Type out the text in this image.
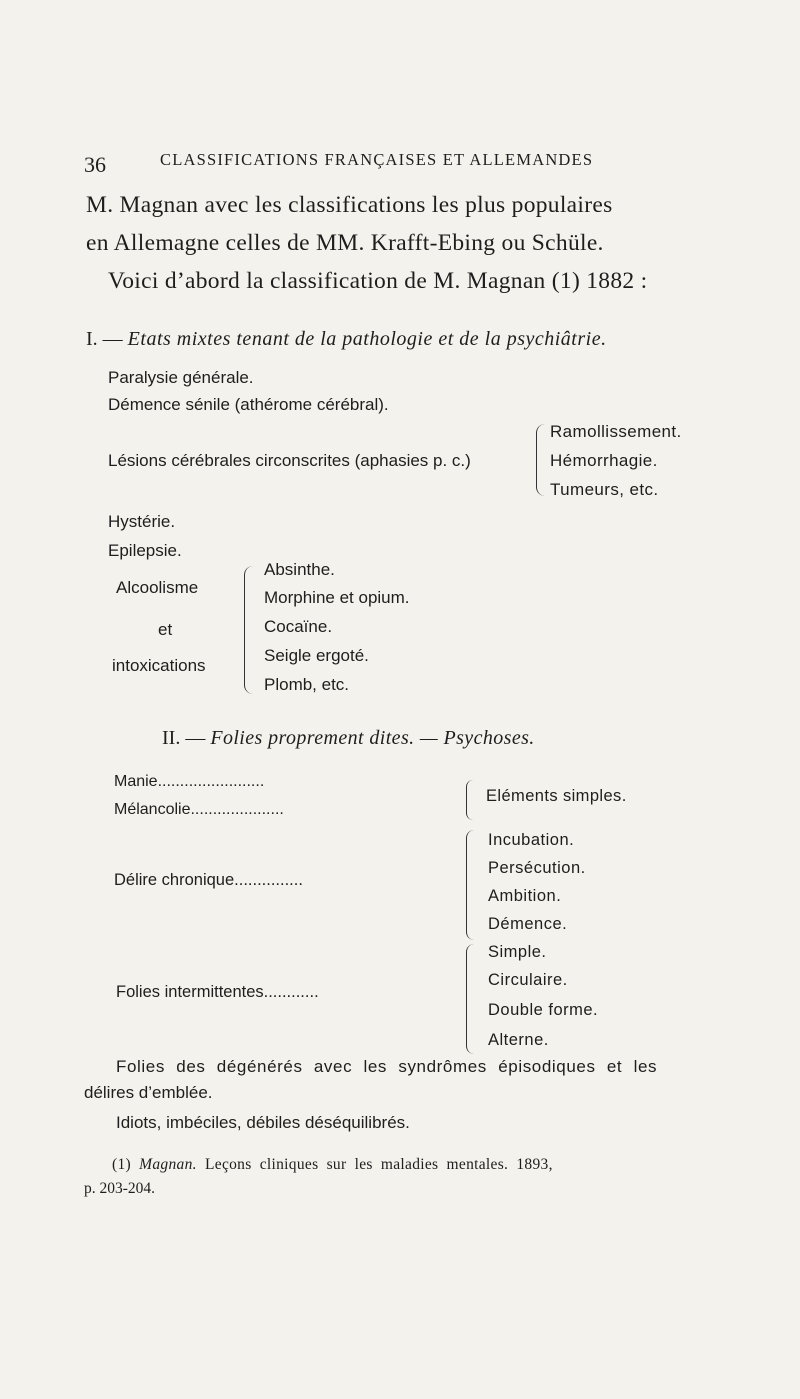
36	CLASSIFICATIONS FRANÇAISES ET ALLEMANDES
M. Magnan avec les classifications les plus populaires
en Allemagne celles de MM. Krafft-Ebing ou Schüle.
Voici d’abord la classification de M. Magnan (1) 1882 :
I. — Etats mixtes tenant de la pathologie et de la psychiâtrie.
Paralysie générale.
Démence sénile (athérome cérébral).
Lésions cérébrales circonscrites (aphasies p. c.)
Ramollissement.
Hémorrhagie.
Tumeurs, etc.
Hystérie.
Epilepsie.
Alcoolisme
et
intoxications
Absinthe.
Morphine et opium.
Cocaïne.
Seigle ergoté.
Plomb, etc.
II. — Folies proprement dites. — Psychoses.
Manie........................
Mélancolie.....................
Eléments simples.
Délire chronique...............
Incubation.
Persécution.
Ambition.
Démence.
Folies intermittentes............
Simple.
Circulaire.
Double forme.
Alterne.
Folies des dégénérés avec les syndrômes épisodiques et les
délires d’emblée.
Idiots, imbéciles, débiles déséquilibrés.
(1) Magnan. Leçons cliniques sur les maladies mentales. 1893,
p. 203-204.
